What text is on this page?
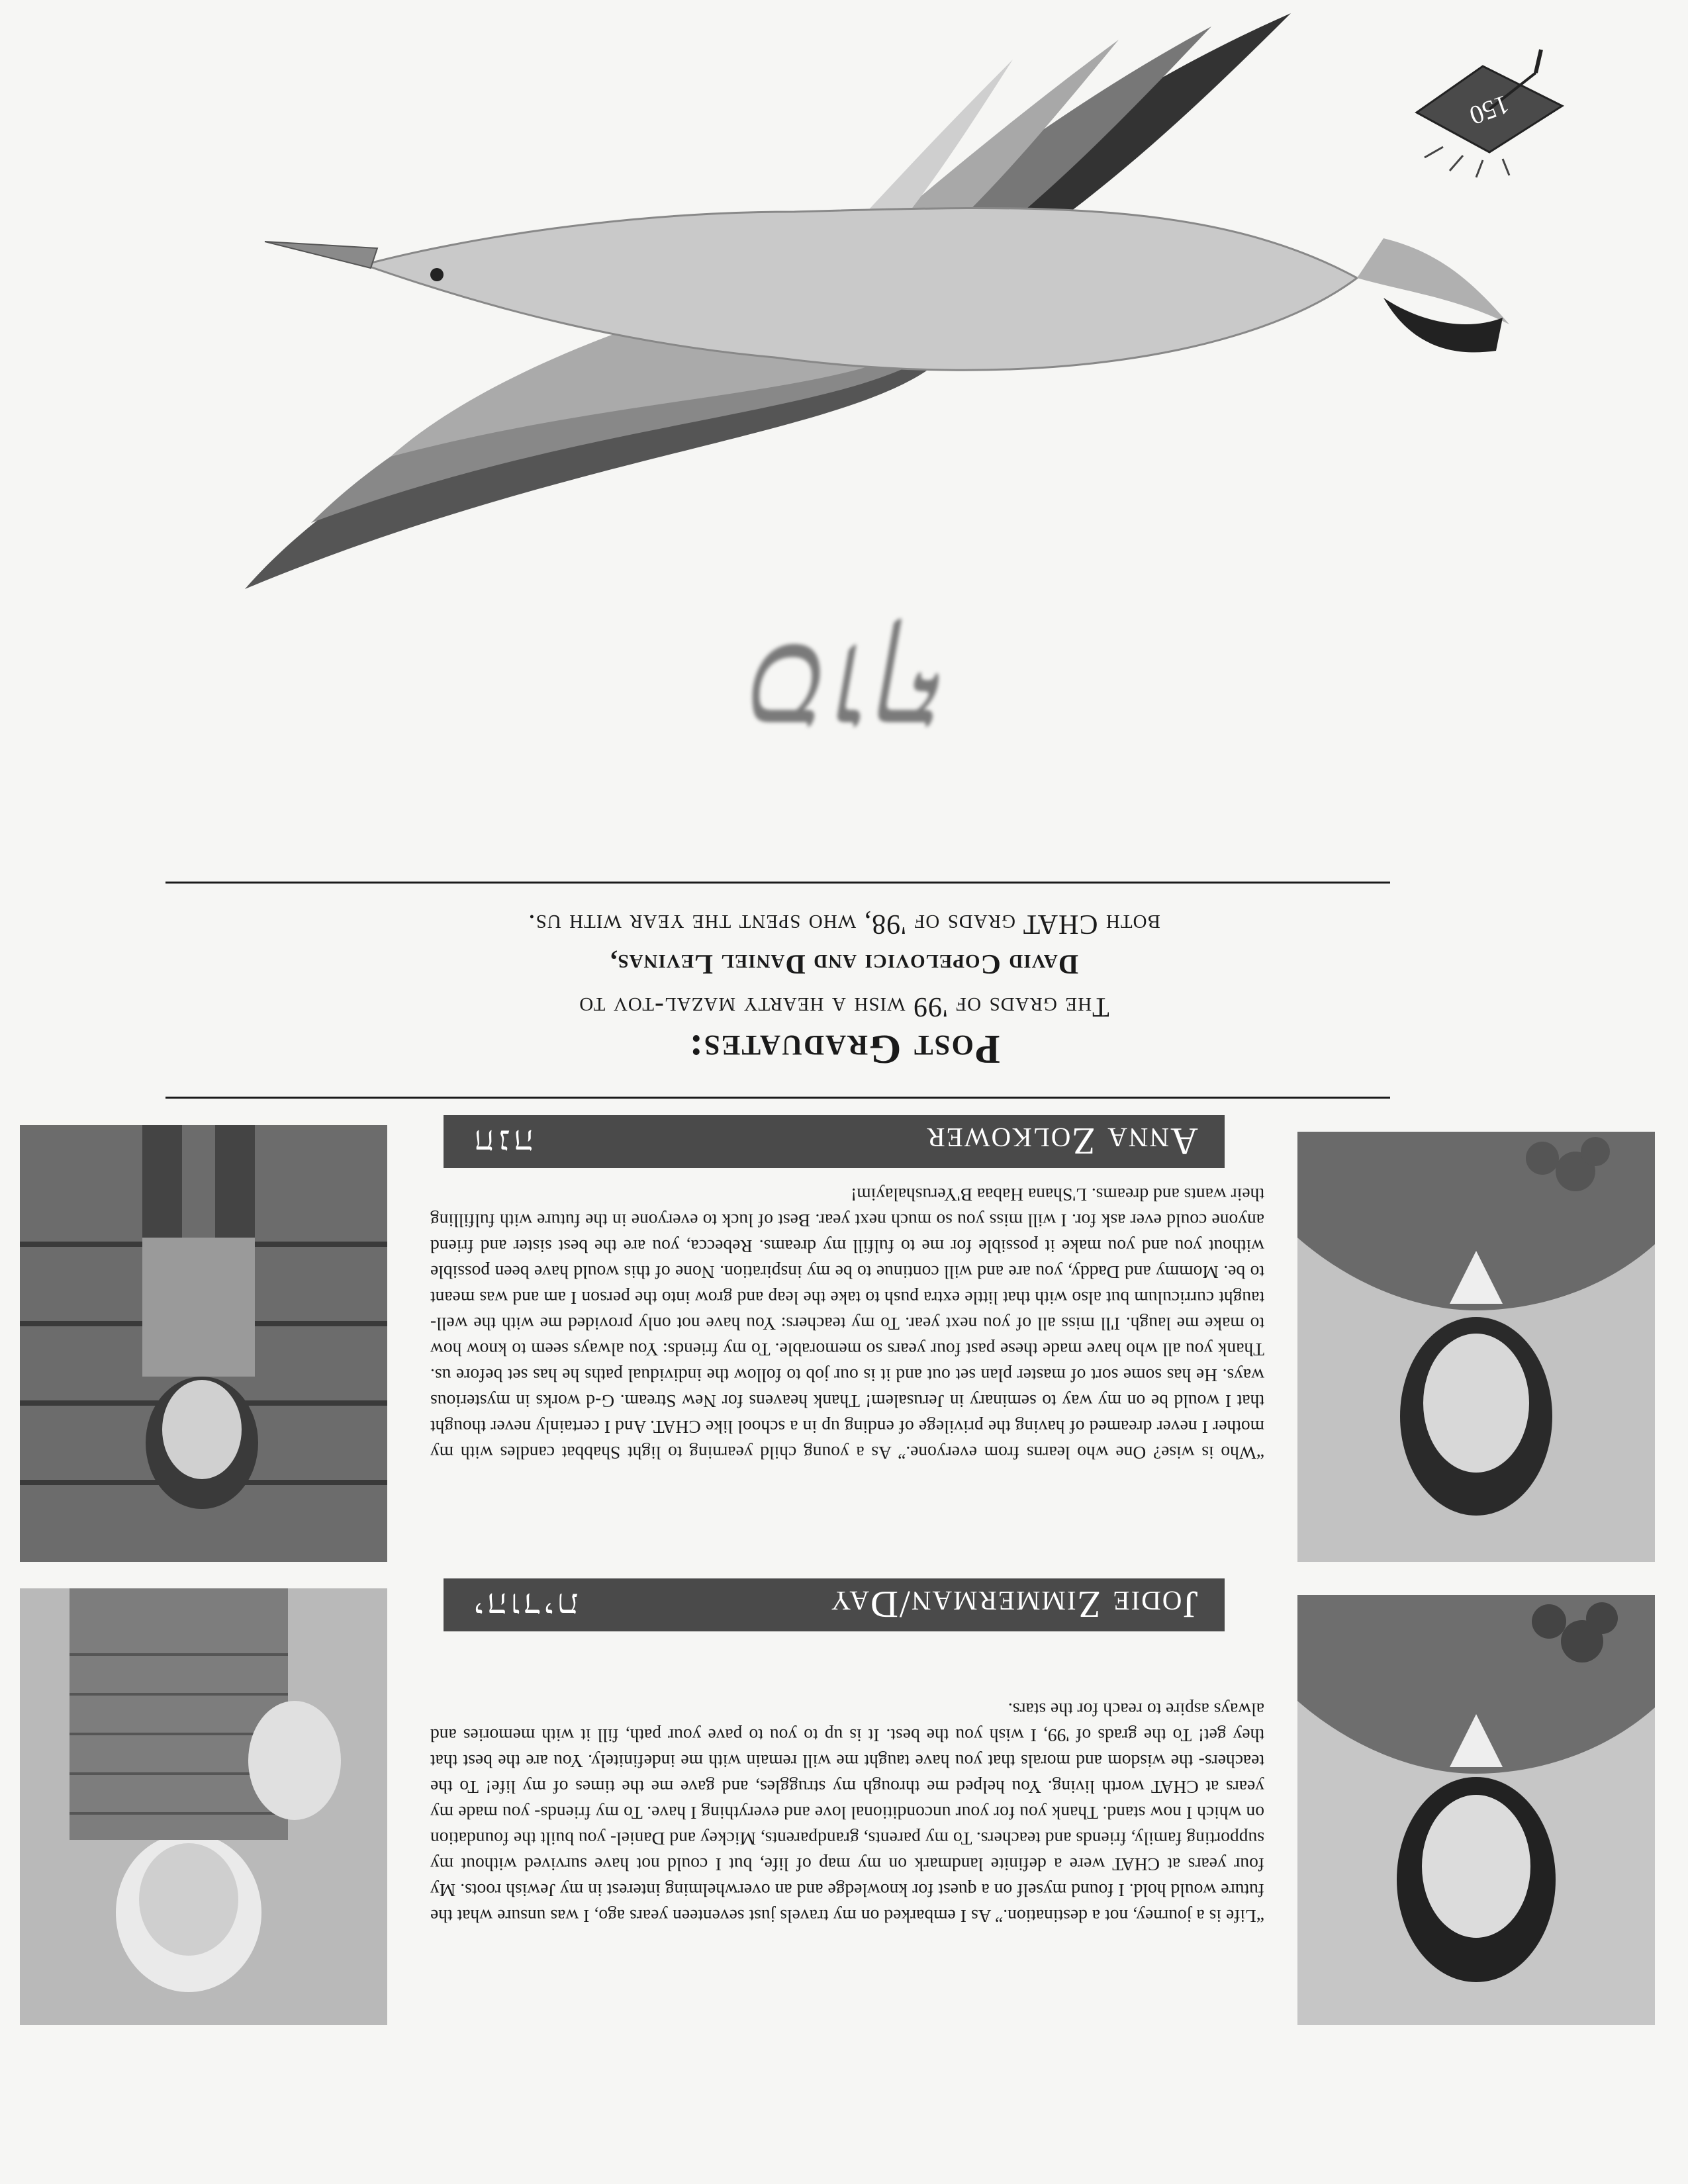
150
סוף

both CHAT grads of '98, who spent the year with us.

David Copelovici and Daniel Levinas,

The grads of '99 wish a hearty mazal-tov to

Post Graduates:
Anna Zolkower
חנה

“Who is wise? One who learns from everyone.” As a young child yearning to light Shabbat candles with my mother I never dreamed of having the privilege of ending up in a school like CHAT. And I certainly never thought that I would be on my way to seminary in Jerusalem! Thank heavens for New Stream. G-d works in mysterious ways. He has some sort of master plan set out and it is our job to follow the individual paths he has set before us. Thank you all who have made these past four years so memorable. To my friends: You always seem to know how to make me laugh. I'll miss all of you next year. To my teachers: You have not only provided me with the well-taught curriculum but also with that little extra push to take the leap and grow into the person I am and was meant to be. Mommy and Daddy, you are and will continue to be my inspiration. None of this would have been possible without you and you make it possible for me to fulfill my dreams. Rebecca, you are the best sister and friend anyone could ever ask for. I will miss you so much next year. Best of luck to everyone in the future with fulfilling their wants and dreams. L'Shana Habaa B'Yerushalayim!

Jodie Zimmerman/Day
יהודית

“Life is a journey, not a destination.” As I embarked on my travels just seventeen years ago, I was unsure what the future would hold. I found myself on a quest for knowledge and an overwhelming interest in my Jewish roots. My four years at CHAT were a definite landmark on my map of life, but I could not have survived without my supporting family, friends and teachers. To my parents, grandparents, Mickey and Daniel- you built the foundation on which I now stand. Thank you for your unconditional love and everything I have. To my friends- you made my years at CHAT worth living. You helped me through my struggles, and gave me the times of my life! To the teachers- the wisdom and morals that you have taught me will remain with me indefinitely. You are the best that they get! To the grads of '99, I wish you the best. It is up to you to pave your path, fill it with memories and always aspire to reach for the stars.
